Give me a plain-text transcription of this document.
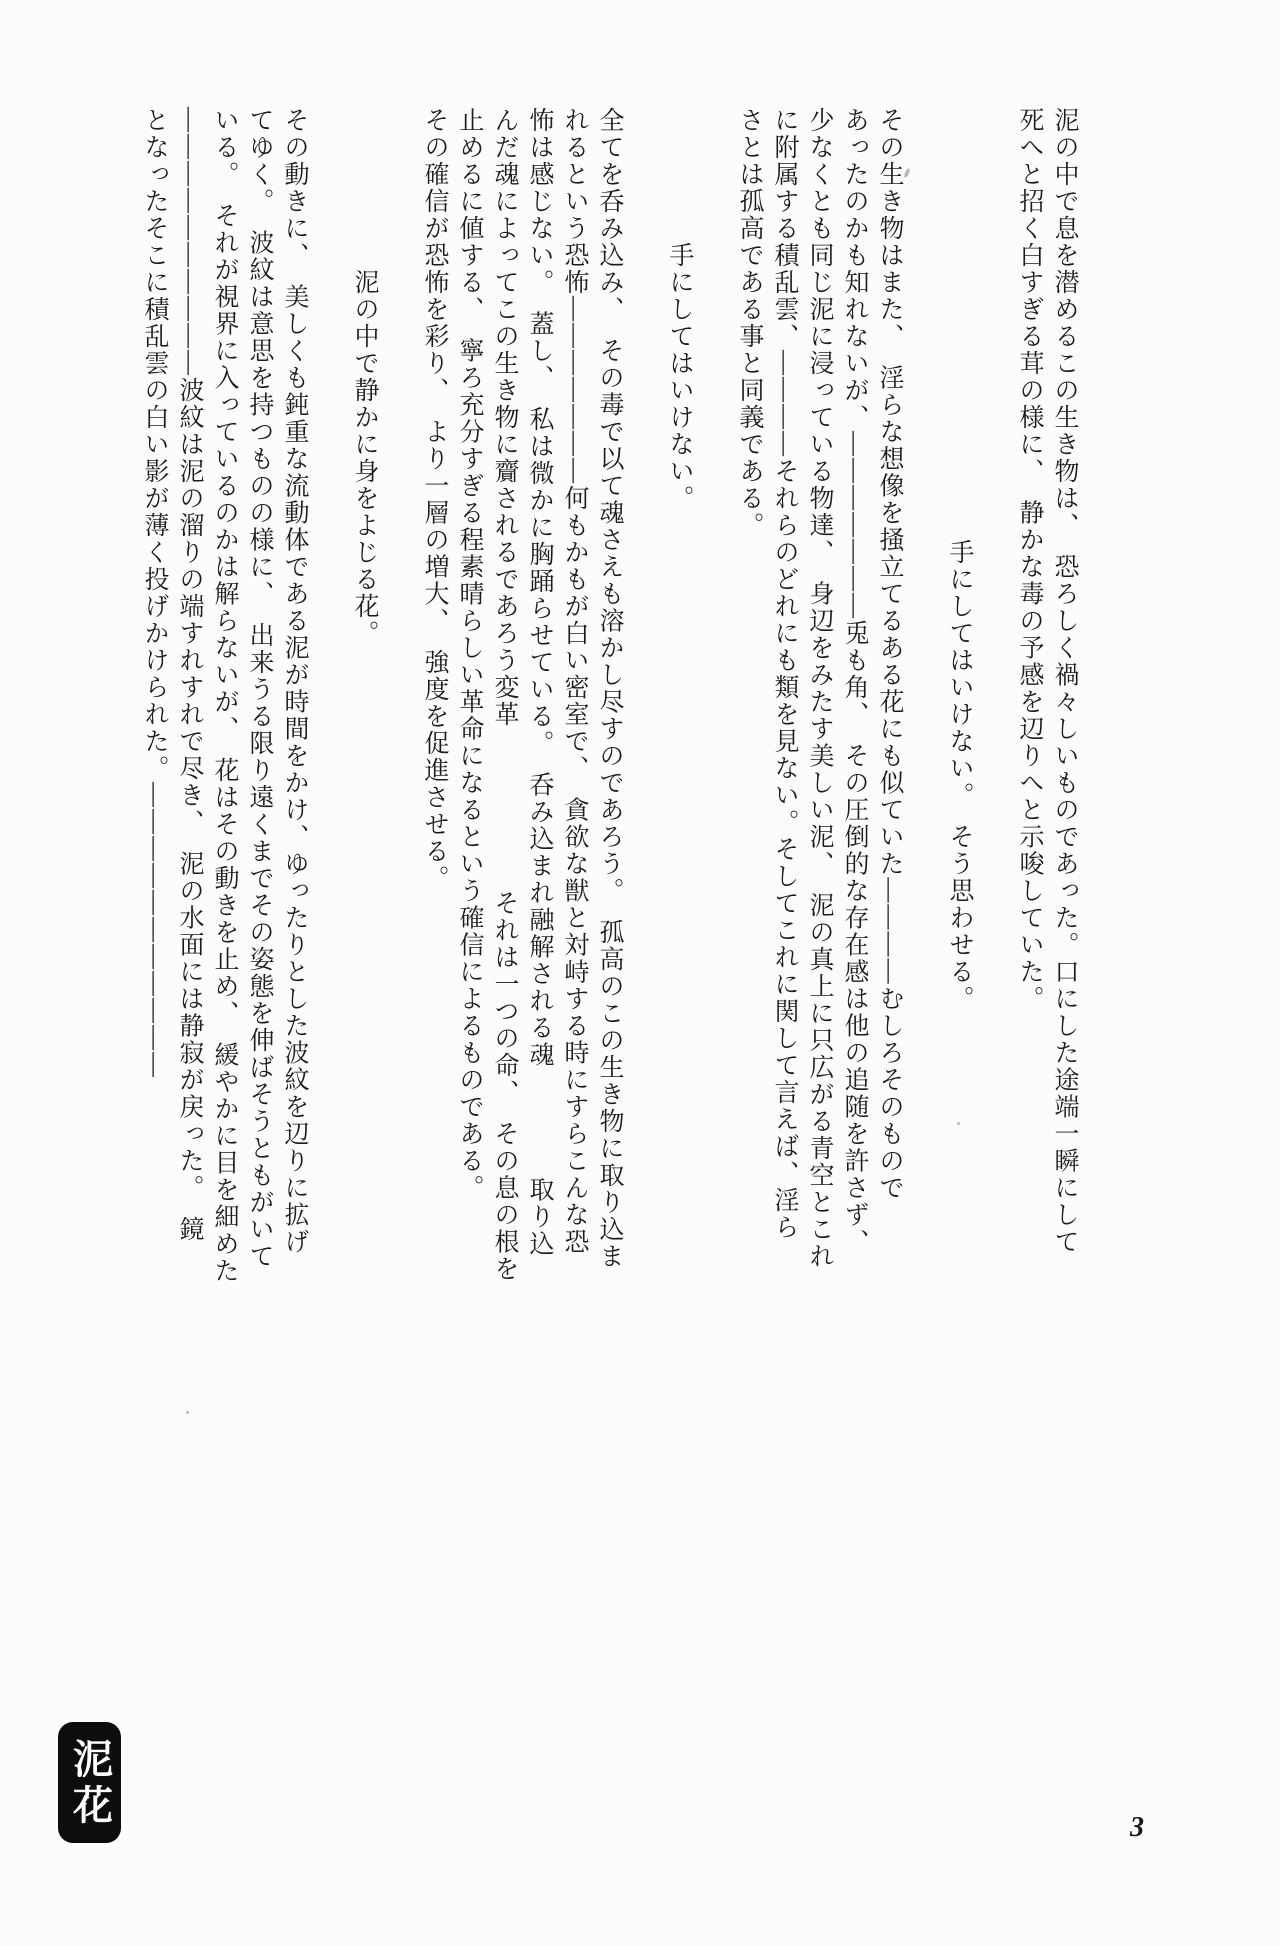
泥の中で息を潜めるこの生き物は、　恐ろしく禍々しいものであった。口にした途端一瞬にして
死へと招く白すぎる茸の様に、　静かな毒の予感を辺りへと示唆していた。

　　　　　　　　　　　　　　　　手にしてはいけない。　そう思わせる。

その生き物はまた、　淫らな想像を掻立てるある花にも似ていた――――むしろそのもので
あったのかも知れないが、―――――――兎も角、　その圧倒的な存在感は他の追随を許さず、
少なくとも同じ泥に浸っている物達、　身辺をみたす美しい泥、　泥の真上に只広がる青空とこれ
に附属する積乱雲、――――それらのどれにも類を見ない。そしてこれに関して言えば、淫ら
さとは孤高である事と同義である。

　　　　　手にしてはいけない。

全てを呑み込み、　その毒で以て魂さえも溶かし尽すのであろう。　孤高のこの生き物に取り込ま
れるという恐怖―――――――何もかもが白い密室で、　貪欲な獣と対峙する時にすらこんな恐
怖は感じない。　蓋し、　私は微かに胸踊らせている。　呑み込まれ融解される魂　　　　取り込
んだ魂によってこの生き物に齎されるであろう変革　　　　　　それは一つの命、　その息の根を
止めるに値する、　寧ろ充分すぎる程素晴らしい革命になるという確信によるものである。
その確信が恐怖を彩り、　より一層の増大、　強度を促進させる。

　　　　　　泥の中で静かに身をよじる花。

その動きに、　美しくも鈍重な流動体である泥が時間をかけ、ゆったりとした波紋を辺りに拡げ
てゆく。　波紋は意思を持つものの様に、　出来うる限り遠くまでその姿態を伸ばそうともがいて
いる。　それが視界に入っているのかは解らないが、　花はその動きを止め、　緩やかに目を細めた
――――――――――波紋は泥の溜りの端すれすれで尽き、　泥の水面には静寂が戻った。　鏡
となったそこに積乱雲の白い影が薄く投げかけられた。―――――――――――
泥花	3
